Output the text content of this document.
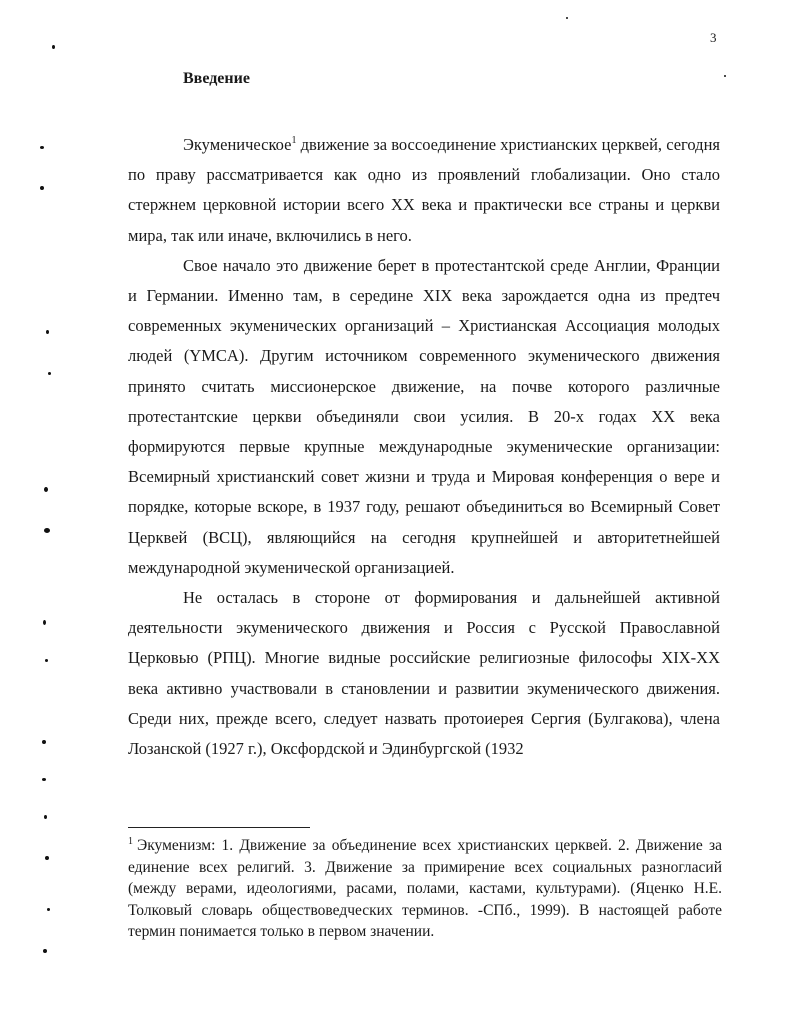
3
Введение

Экуменическое$^1$ движение за воссоединение христианских церквей, сегодня по праву рассматривается как одно из проявлений глобализации. Оно стало стержнем церковной истории всего XX века и практически все страны и церкви мира, так или иначе, включились в него.

Свое начало это движение берет в протестантской среде Англии, Франции и Германии. Именно там, в середине XIX века зарождается одна из предтеч современных экуменических организаций – Христианская Ассоциация молодых людей (YMCA). Другим источником современного экуменического движения принято считать миссионерское движение, на почве которого различные протестантские церкви объединяли свои усилия. В 20-х годах XX века формируются первые крупные международные экуменические организации: Всемирный христианский совет жизни и труда и Мировая конференция о вере и порядке, которые вскоре, в 1937 году, решают объединиться во Всемирный Совет Церквей (ВСЦ), являющийся на сегодня крупнейшей и авторитетнейшей международной экуменической организацией.

Не осталась в стороне от формирования и дальнейшей активной деятельности экуменического движения и Россия с Русской Православной Церковью (РПЦ). Многие видные российские религиозные философы XIX-XX века активно участвовали в становлении и развитии экуменического движения. Среди них, прежде всего, следует назвать протоиерея Сергия (Булгакова), члена Лозанской (1927 г.), Оксфордской и Эдинбургской (1932

$^1$ Экуменизм: 1. Движение за объединение всех христианских церквей. 2. Движение за единение всех религий. 3. Движение за примирение всех социальных разногласий (между верами, идеологиями, расами, полами, кастами, культурами). (Яценко Н.Е. Толковый словарь обществоведческих терминов. -СПб., 1999). В настоящей работе термин понимается только в первом значении.
